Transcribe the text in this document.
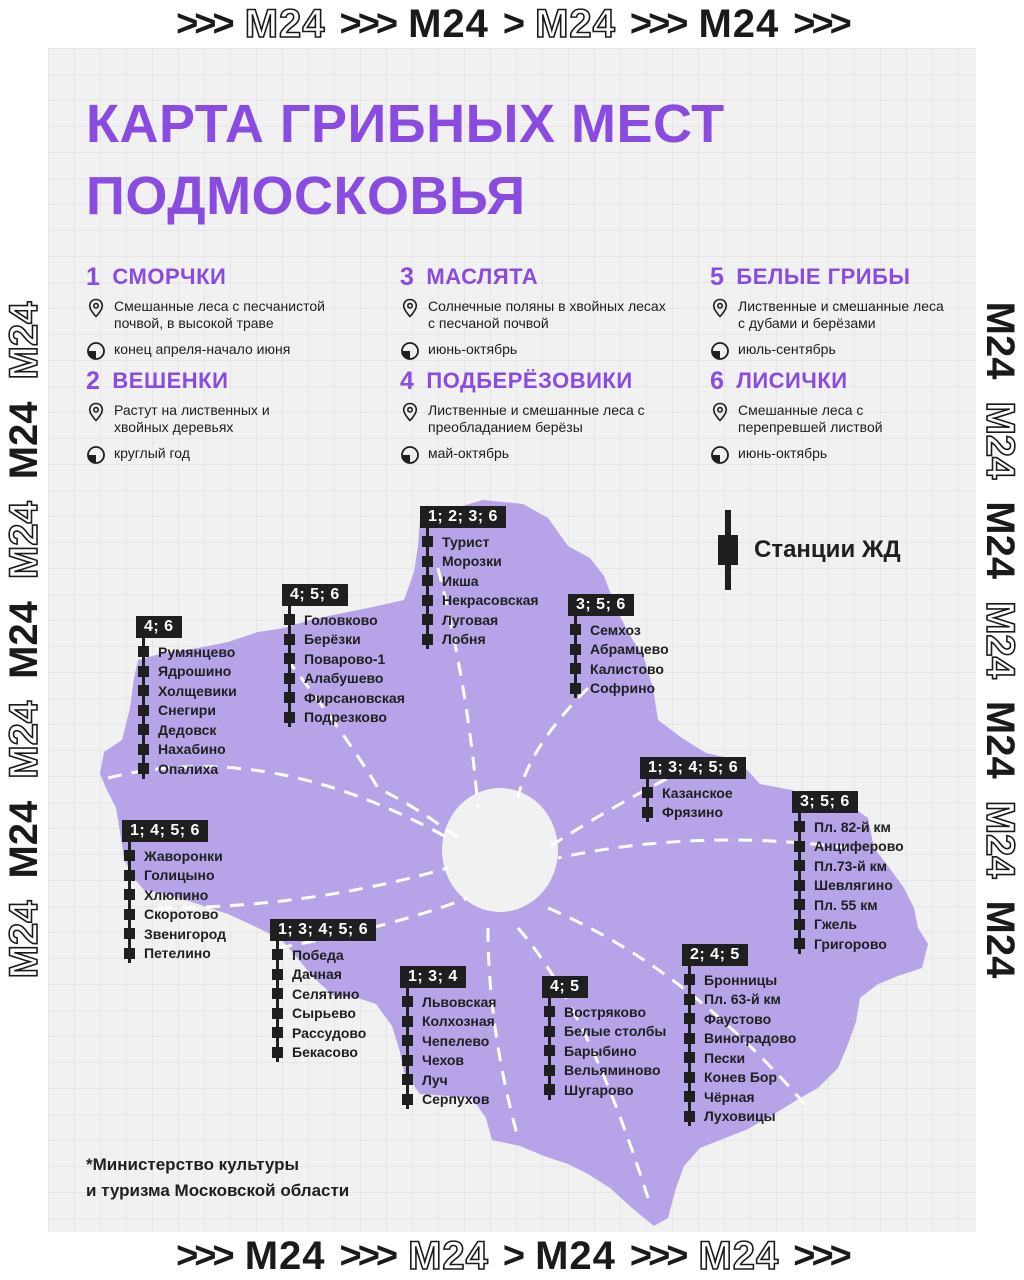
>>> M24 >>> M24 > M24 >>> M24 >>>
>>> M24 >>> M24 > M24 >>> M24 >>>
M24
M24
M24
M24
M24
M24
M24	M24
M24
M24
M24
M24
M24
M24
КАРТА ГРИБНЫХ МЕСТ
ПОДМОСКОВЬЯ
1 СМОРЧКИ
Смешанные леса с песчанистой почвой, в высокой траве
конец апреля-начало июня
2 ВЕШЕНКИ
Растут на лиственных и хвойных деревьях
круглый год
3 МАСЛЯТА
Солнечные поляны в хвойных лесах с песчаной почвой
июнь-октябрь
4 ПОДБЕРЁЗОВИКИ
Лиственные и смешанные леса с преобладанием берёзы
май-октябрь
5 БЕЛЫЕ ГРИБЫ
Лиственные и смешанные леса с дубами и берёзами
июль-сентябрь
6 ЛИСИЧКИ
Смешанные леса с перепревшей листвой
июнь-октябрь
Станции ЖД
4; 6
Румянцево
Ядрошино
Холщевики
Снегири
Дедовск
Нахабино
Опалиха
4; 5; 6
Головково
Берёзки
Поварово-1
Алабушево
Фирсановская
Подрезково
1; 2; 3; 6
Турист
Морозки
Икша
Некрасовская
Луговая
Лобня
3; 5; 6
Семхоз
Абрамцево
Калистово
Софрино
1; 3; 4; 5; 6
Казанское
Фрязино
3; 5; 6
Пл. 82-й км
Анциферово
Пл.73-й км
Шевлягино
Пл. 55 км
Гжель
Григорово
1; 4; 5; 6
Жаворонки
Голицыно
Хлюпино
Скоротово
Звенигород
Петелино
1; 3; 4; 5; 6
Победа
Дачная
Селятино
Сырьево
Рассудово
Бекасово
1; 3; 4
Львовская
Колхозная
Чепелево
Чехов
Луч
Серпухов
4; 5
Востряково
Белые столбы
Барыбино
Вельяминово
Шугарово
2; 4; 5
Бронницы
Пл. 63-й км
Фаустово
Виноградово
Пески
Конев Бор
Чёрная
Луховицы
*Министерство культуры
и туризма Московской области
